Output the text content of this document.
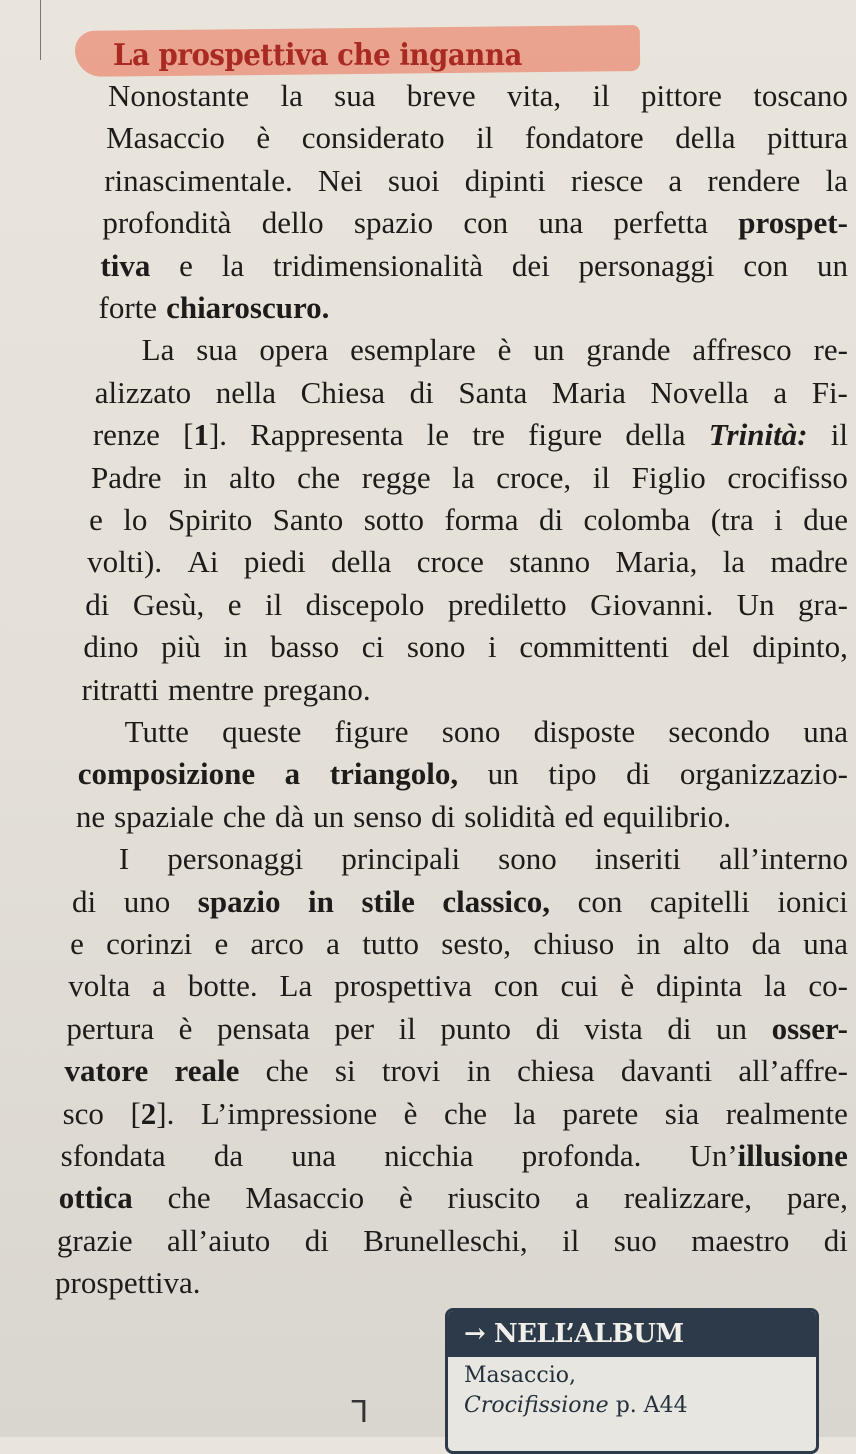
La prospettiva che inganna
Nonostante la sua breve vita, il pittore toscano
Masaccio è considerato il fondatore della pittura
rinascimentale. Nei suoi dipinti riesce a rendere la
profondità dello spazio con una perfetta prospet-
tiva e la tridimensionalità dei personaggi con un
forte chiaroscuro.
La sua opera esemplare è un grande affresco re-
alizzato nella Chiesa di Santa Maria Novella a Fi-
renze [1]. Rappresenta le tre figure della Trinità: il
Padre in alto che regge la croce, il Figlio crocifisso
e lo Spirito Santo sotto forma di colomba (tra i due
volti). Ai piedi della croce stanno Maria, la madre
di Gesù, e il discepolo prediletto Giovanni. Un gra-
dino più in basso ci sono i committenti del dipinto,
ritratti mentre pregano.
Tutte queste figure sono disposte secondo una
composizione a triangolo, un tipo di organizzazio-
ne spaziale che dà un senso di solidità ed equilibrio.
I personaggi principali sono inseriti all’interno
di uno spazio in stile classico, con capitelli ionici
e corinzi e arco a tutto sesto, chiuso in alto da una
volta a botte. La prospettiva con cui è dipinta la co-
pertura è pensata per il punto di vista di un osser-
vatore reale che si trovi in chiesa davanti all’affre-
sco [2]. L’impressione è che la parete sia realmente
sfondata da una nicchia profonda. Un’illusione
ottica che Masaccio è riuscito a realizzare, pare,
grazie all’aiuto di Brunelleschi, il suo maestro di
prospettiva.
→ NELL’ALBUM
Masaccio,
Crocifissione p. A44
ᒣ
